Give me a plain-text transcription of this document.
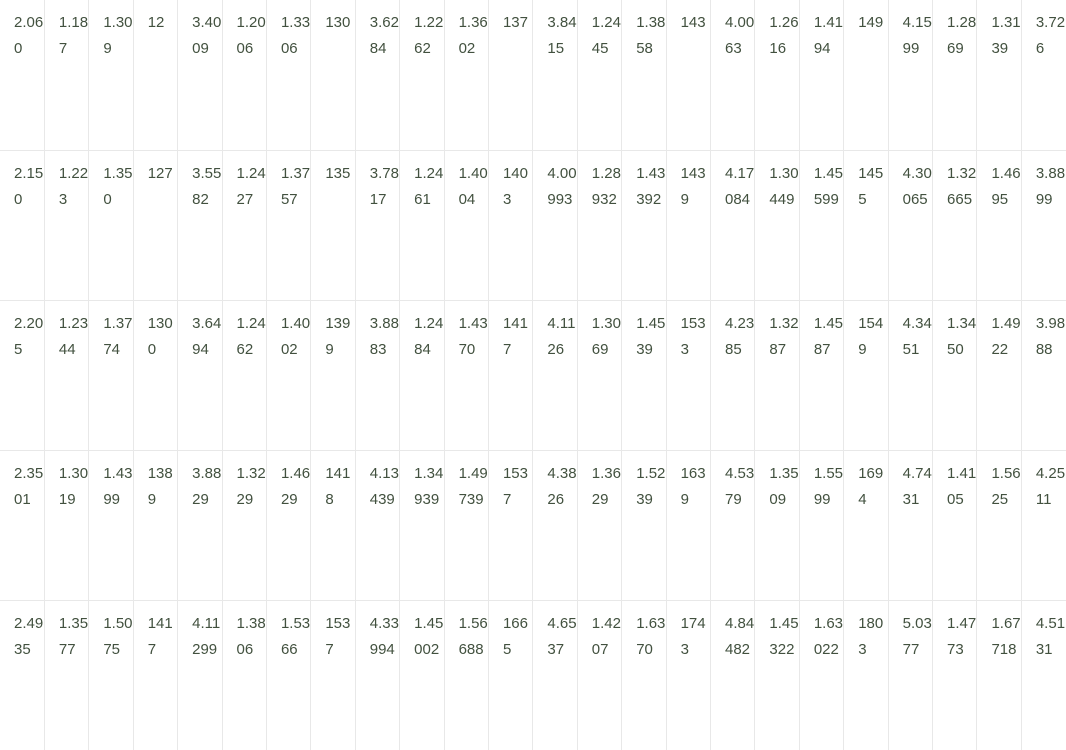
2.060	1.187	1.309	12	3.4009	1.2006	1.3306	130	3.6284	1.2262	1.3602	137	3.8415	1.2445	1.3858	143	4.0063	1.2616	1.4194	149	4.1599	1.2869	1.3139	3.726
2.150	1.223	1.350	127	3.5582	1.2427	1.3757	135	3.7817	1.2461	1.4004	1403	4.00993	1.28932	1.43392	1439	4.17084	1.30449	1.45599	1455	4.30065	1.32665	1.4695	3.8899
2.205	1.2344	1.3774	1300	3.6494	1.2462	1.4002	1399	3.8883	1.2484	1.4370	1417	4.1126	1.3069	1.4539	1533	4.2385	1.3287	1.4587	1549	4.3451	1.3450	1.4922	3.9888
2.3501	1.3019	1.4399	1389	3.8829	1.3229	1.4629	1418	4.13439	1.34939	1.49739	1537	4.3826	1.3629	1.5239	1639	4.5379	1.3509	1.5599	1694	4.7431	1.4105	1.5625	4.2511
2.4935	1.3577	1.5075	1417	4.11299	1.3806	1.5366	1537	4.33994	1.45002	1.56688	1665	4.6537	1.4207	1.6370	1743	4.84482	1.45322	1.63022	1803	5.0377	1.4773	1.67718	4.5131
